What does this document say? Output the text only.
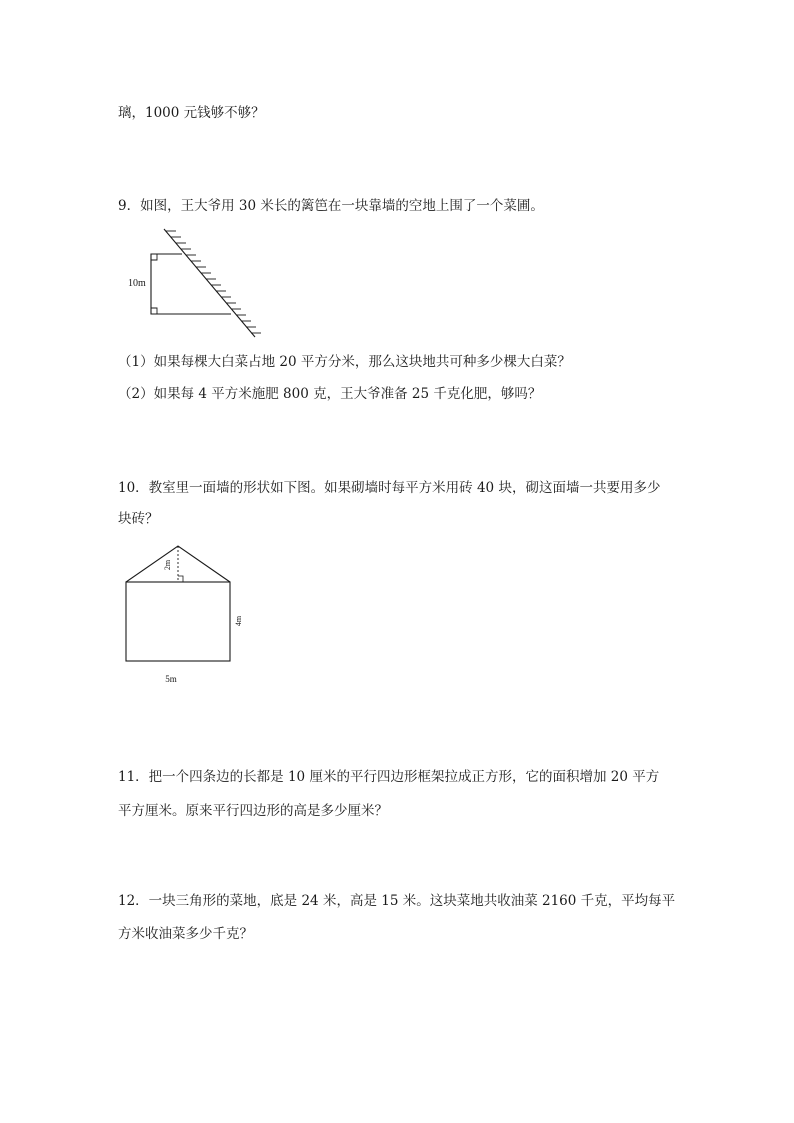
璃，1000 元钱够不够？
9．如图，王大爷用 30 米长的篱笆在一块靠墙的空地上围了一个菜圃。
10m
（1）如果每棵大白菜占地 20 平方分米，那么这块地共可种多少棵大白菜？
（2）如果每 4 平方米施肥 800 克，王大爷准备 25 千克化肥，够吗？
10．教室里一面墙的形状如下图。如果砌墙时每平方米用砖 40 块，砌这面墙一共要用多少
块砖？
2m
4m
5m
11．把一个四条边的长都是 10 厘米的平行四边形框架拉成正方形，它的面积增加 20 平方
平方厘米。原来平行四边形的高是多少厘米？
12．一块三角形的菜地，底是 24 米，高是 15 米。这块菜地共收油菜 2160 千克，平均每平
方米收油菜多少千克？
